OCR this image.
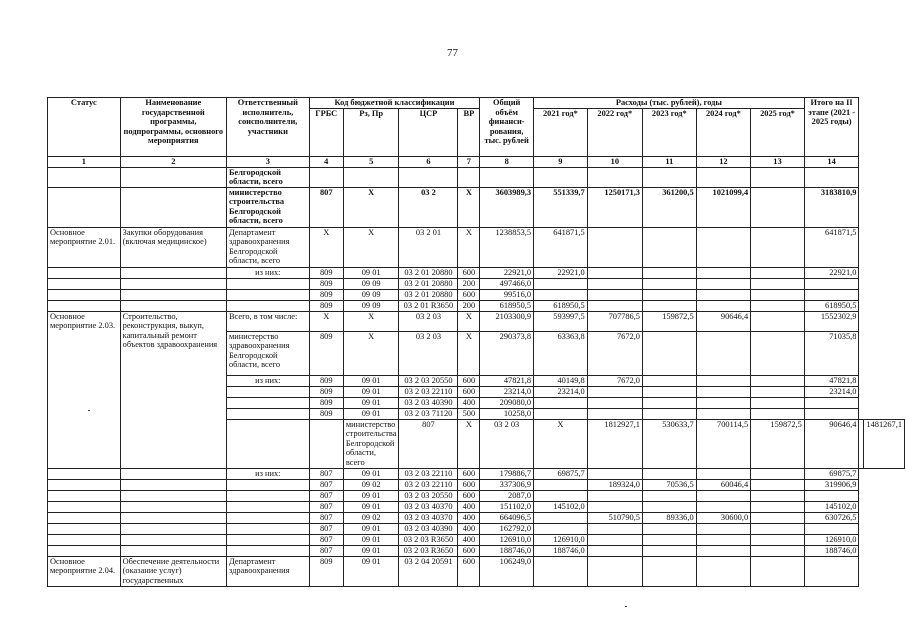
77
Статус	Наименование государственной программы, подпрограммы, основного мероприятия	Ответственный исполнитель, соисполнители, участники	Код бюджетной классификации				Общий объём финанси-рования, тыс. рублей	Расходы (тыс. рублей), годы					Итого на II этапе (2021 - 2025 годы)		
			ГРБС	Рз, Пр	ЦСР	ВР		2021 год*	2022 год*	2023 год*	2024 год*	2025 год*			
1	2	3	4	5	6	7	8	9	10	11	12	13	14		
		Белгородской области, всего													
		министерство строительства Белгородской области, всего	807	X	03 2	X	3603989,3	551339,7	1250171,3	361200,5	1021099,4		3183810,9		
Основное мероприятие 2.01.	Закупки оборудования (включая медицинское)	Департамент здравоохранения Белгородской области, всего	X	X	03 2 01	X	1238853,5	641871,5					641871,5		
		из них:	809	09 01	03 2 01 20880	600	22921,0	22921,0					22921,0		
			809	09 09	03 2 01 20880	200	497466,0								
			809	09 09	03 2 01 20880	600	99516,0								
			809	09 09	03 2 01 R3650	200	618950,5	618950,5					618950,5		
Основное мероприятие 2.03.	Строительство, реконструкция, выкуп, капитальный ремонт объектов здравоохранения	Всего, в том числе:	X	X	03 2 03	X	2103300,9	593997,5	707786,5	159872,5	90646,4		1552302,9		
		министерство здравоохранения Белгородской области, всего	809	X	03 2 03	X	290373,8	63363,8	7672,0				71035,8		
		из них:	809	09 01	03 2 03 20550	600	47821,8	40149,8	7672,0				47821,8		
			809	09 01	03 2 03 22110	600	23214,0	23214,0					23214,0		
			809	09 01	03 2 03 40390	400	209080,0								
			809	09 01	03 2 03 71120	500	10258,0								
				министерство строительства Белгородской области, всего	807	X	03 2 03	X	1812927,1	530633,7	700114,5	159872,5	90646,4		1481267,1
		из них:	807	09 01	03 2 03 22110	600	179886,7	69875,7					69875,7		
			807	09 02	03 2 03 22110	600	337306,9		189324,0	70536,5	60046,4		319906,9		
			807	09 01	03 2 03 20550	600	2087,0								
			807	09 01	03 2 03 40370	400	151102,0	145102,0					145102,0		
			807	09 02	03 2 03 40370	400	664096,5		510790,5	89336,0	30600,0		630726,5		
			807	09 01	03 2 03 40390	400	162792,0								
			807	09 01	03 2 03 R3650	400	126910,0	126910,0					126910,0		
			807	09 01	03 2 03 R3650	600	188746,0	188746,0					188746,0		
Основное мероприятие 2.04.	Обеспечение деятельности (оказание услуг) государственных	Департамент здравоохранения	809	09 01	03 2 04 20591	600	106249,0								
